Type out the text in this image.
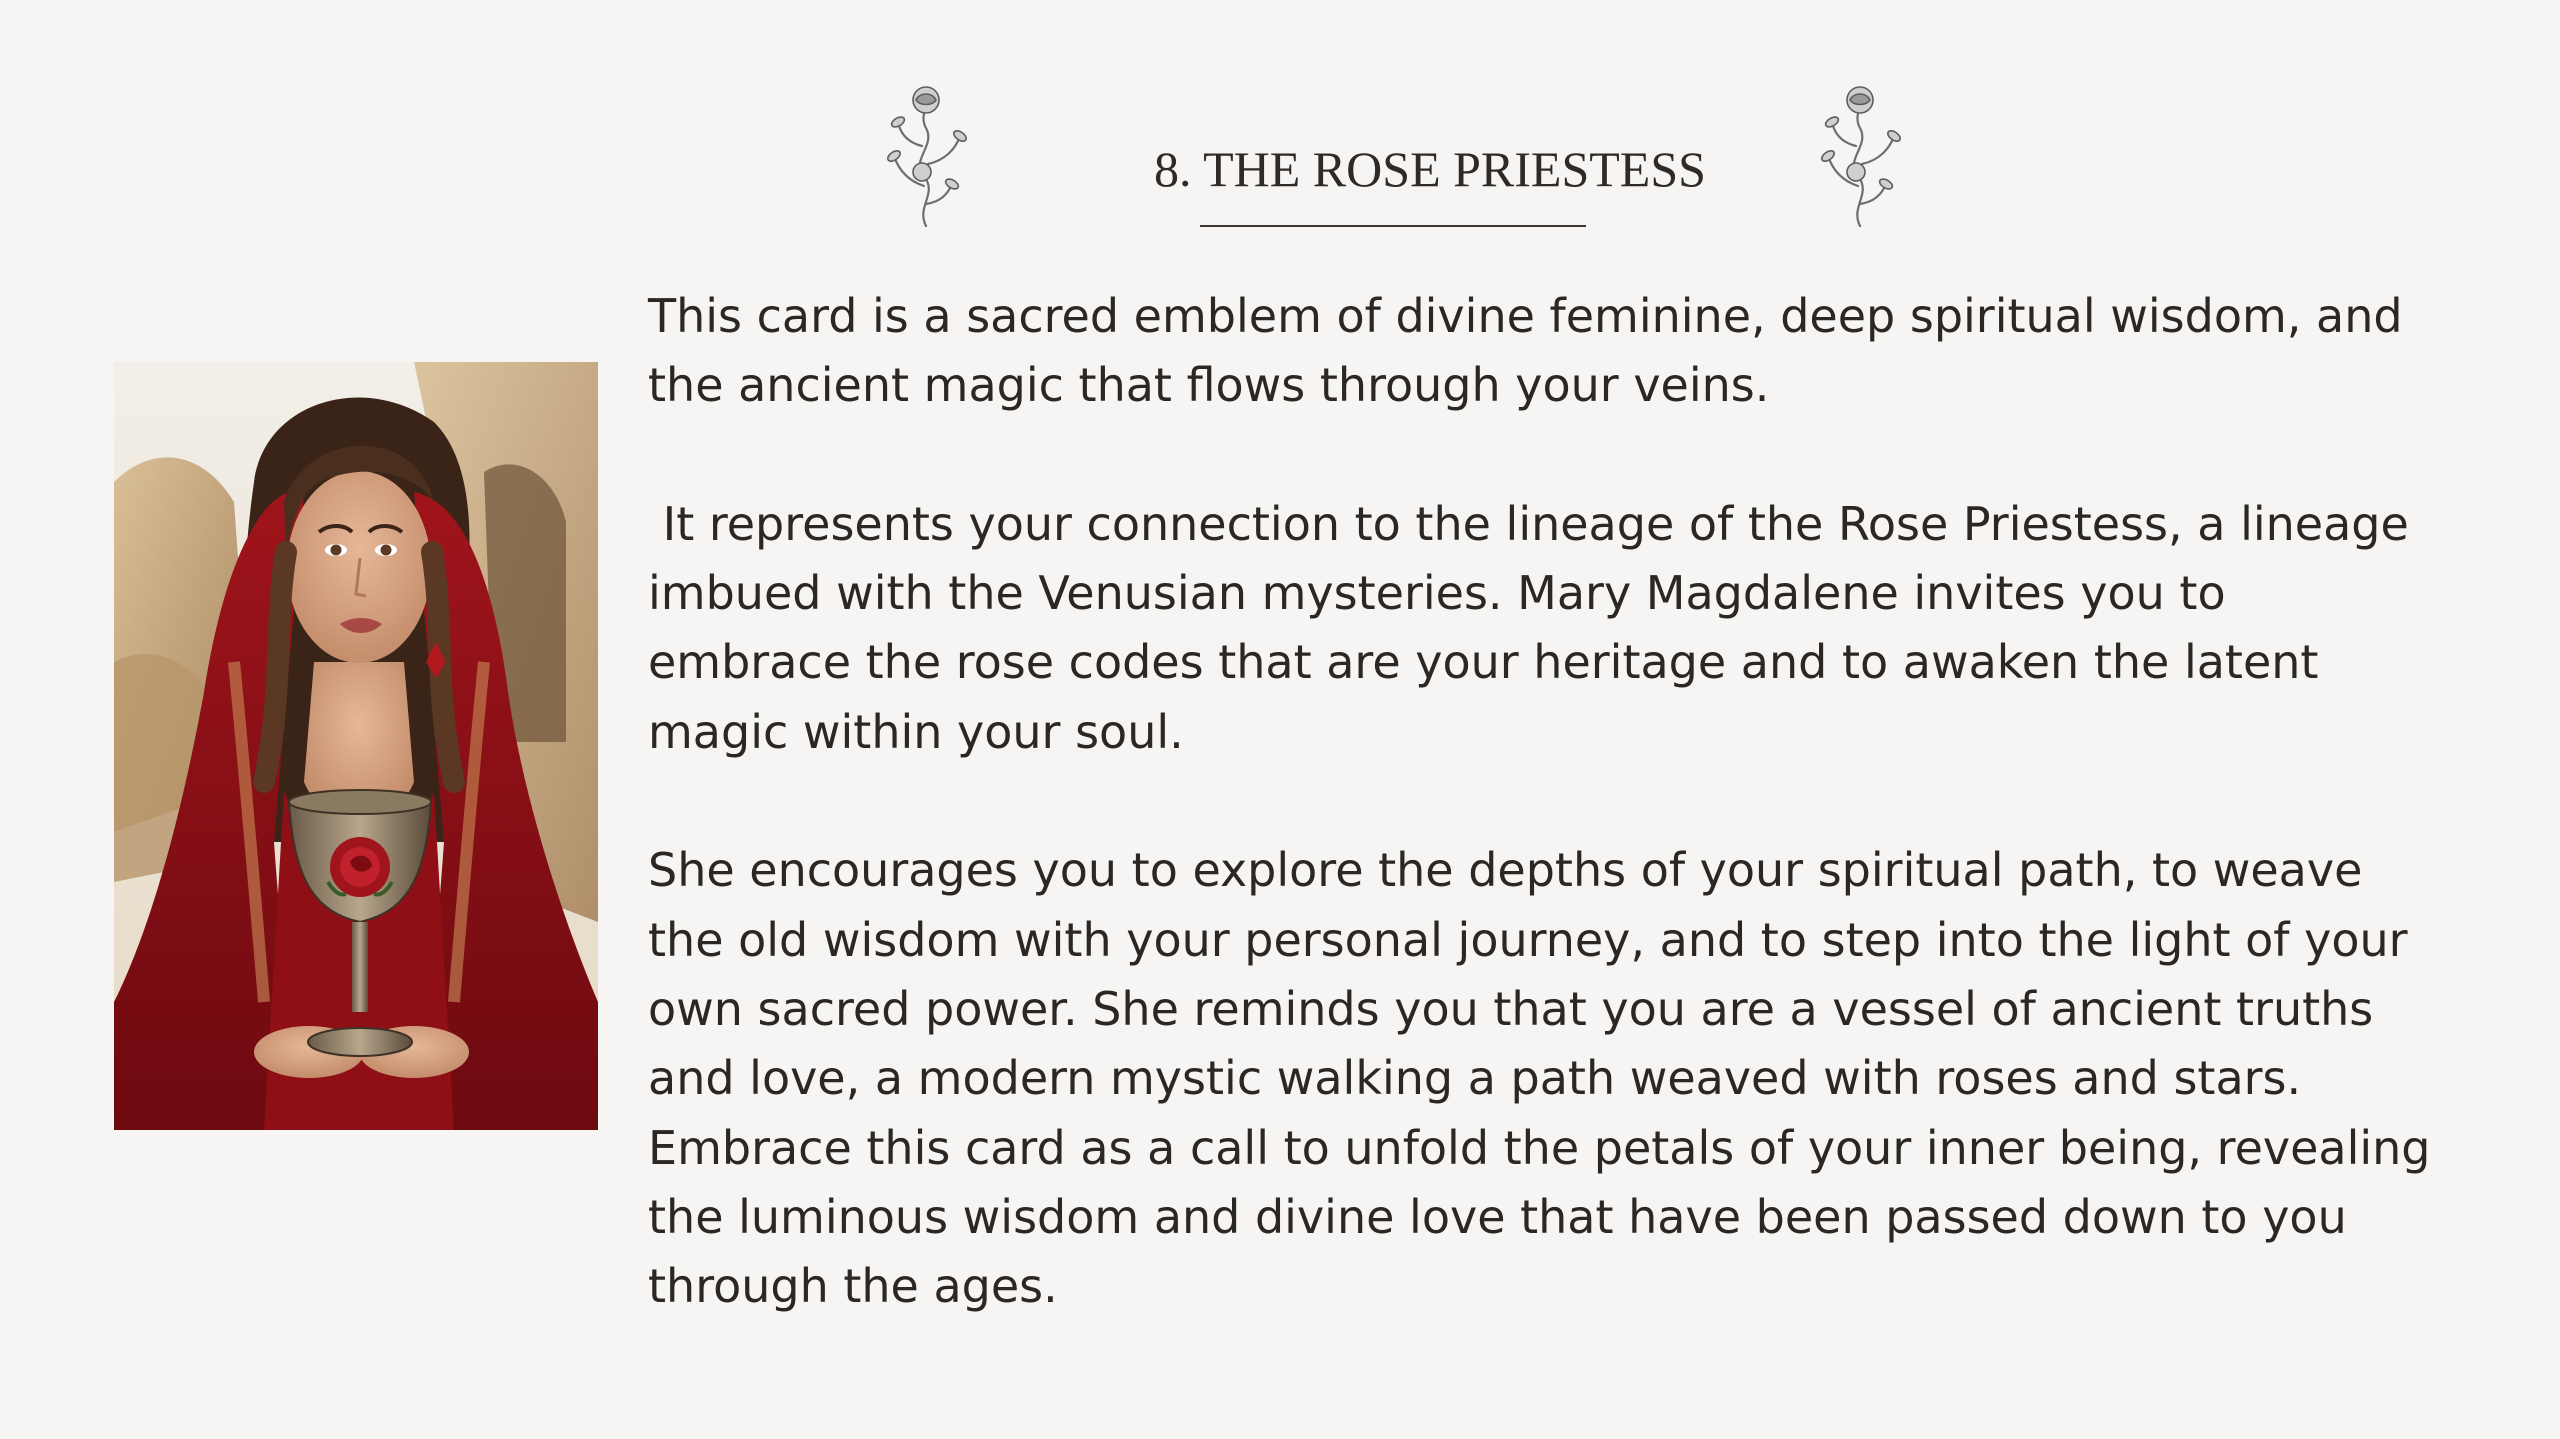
8. THE ROSE PRIESTESS

This card is a sacred emblem of divine feminine, deep spiritual wisdom, and the ancient magic that flows through your veins.

It represents your connection to the lineage of the Rose Priestess, a lineage imbued with the Venusian mysteries. Mary Magdalene invites you to embrace the rose codes that are your heritage and to awaken the latent magic within your soul.

She encourages you to explore the depths of your spiritual path, to weave the old wisdom with your personal journey, and to step into the light of your own sacred power. She reminds you that you are a vessel of ancient truths and love, a modern mystic walking a path weaved with roses and stars. Embrace this card as a call to unfold the petals of your inner being, revealing the luminous wisdom and divine love that have been passed down to you through the ages.
